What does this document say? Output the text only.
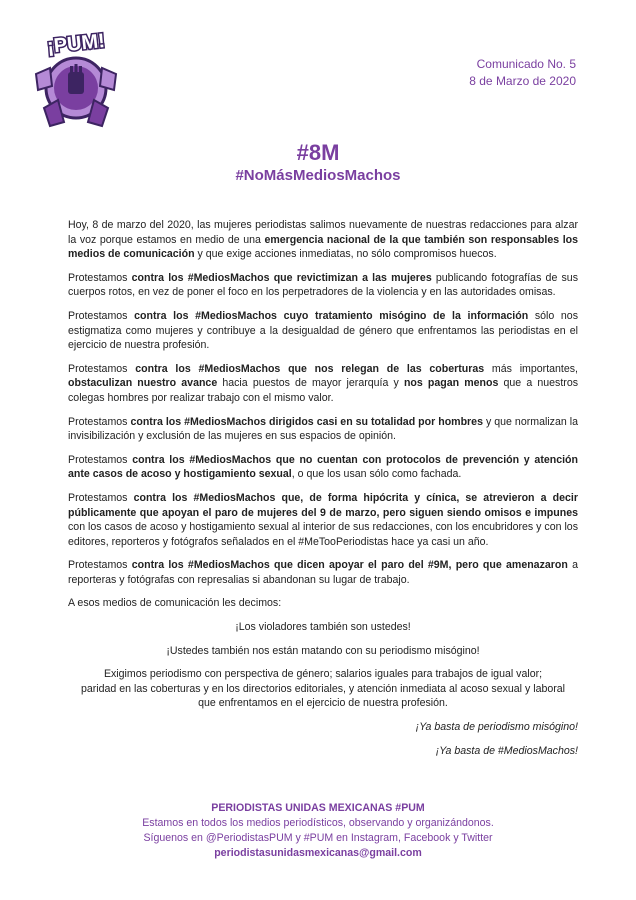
¡PUM!
Comunicado No. 5
8 de Marzo de 2020
#8M
#NoMásMediosMachos

Hoy, 8 de marzo del 2020, las mujeres periodistas salimos nuevamente de nuestras redacciones para alzar la voz porque estamos en medio de una emergencia nacional de la que también son responsables los medios de comunicación y que exige acciones inmediatas, no sólo compromisos huecos.

Protestamos contra los #MediosMachos que revictimizan a las mujeres publicando fotografías de sus cuerpos rotos, en vez de poner el foco en los perpetradores de la violencia y en las autoridades omisas.

Protestamos contra los #MediosMachos cuyo tratamiento misógino de la información sólo nos estigmatiza como mujeres y contribuye a la desigualdad de género que enfrentamos las periodistas en el ejercicio de nuestra profesión.

Protestamos contra los #MediosMachos que nos relegan de las coberturas más importantes, obstaculizan nuestro avance hacia puestos de mayor jerarquía y nos pagan menos que a nuestros colegas hombres por realizar trabajo con el mismo valor.

Protestamos contra los #MediosMachos dirigidos casi en su totalidad por hombres y que normalizan la invisibilización y exclusión de las mujeres en sus espacios de opinión.

Protestamos contra los #MediosMachos que no cuentan con protocolos de prevención y atención ante casos de acoso y hostigamiento sexual, o que los usan sólo como fachada.

Protestamos contra los #MediosMachos que, de forma hipócrita y cínica, se atrevieron a decir públicamente que apoyan el paro de mujeres del 9 de marzo, pero siguen siendo omisos e impunes con los casos de acoso y hostigamiento sexual al interior de sus redacciones, con los encubridores y con los editores, reporteros y fotógrafos señalados en el #MeTooPeriodistas hace ya casi un año.

Protestamos contra los #MediosMachos que dicen apoyar el paro del #9M, pero que amenazaron a reporteras y fotógrafas con represalias si abandonan su lugar de trabajo.

A esos medios de comunicación les decimos:

¡Los violadores también son ustedes!

¡Ustedes también nos están matando con su periodismo misógino!

Exigimos periodismo con perspectiva de género; salarios iguales para trabajos de igual valor;
paridad en las coberturas y en los directorios editoriales, y atención inmediata al acoso sexual y laboral
que enfrentamos en el ejercicio de nuestra profesión.

¡Ya basta de periodismo misógino!

¡Ya basta de #MediosMachos!

PERIODISTAS UNIDAS MEXICANAS #PUM
Estamos en todos los medios periodísticos, observando y organizándonos.
Síguenos en @PeriodistasPUM y #PUM en Instagram, Facebook y Twitter
periodistasunidasmexicanas@gmail.com
